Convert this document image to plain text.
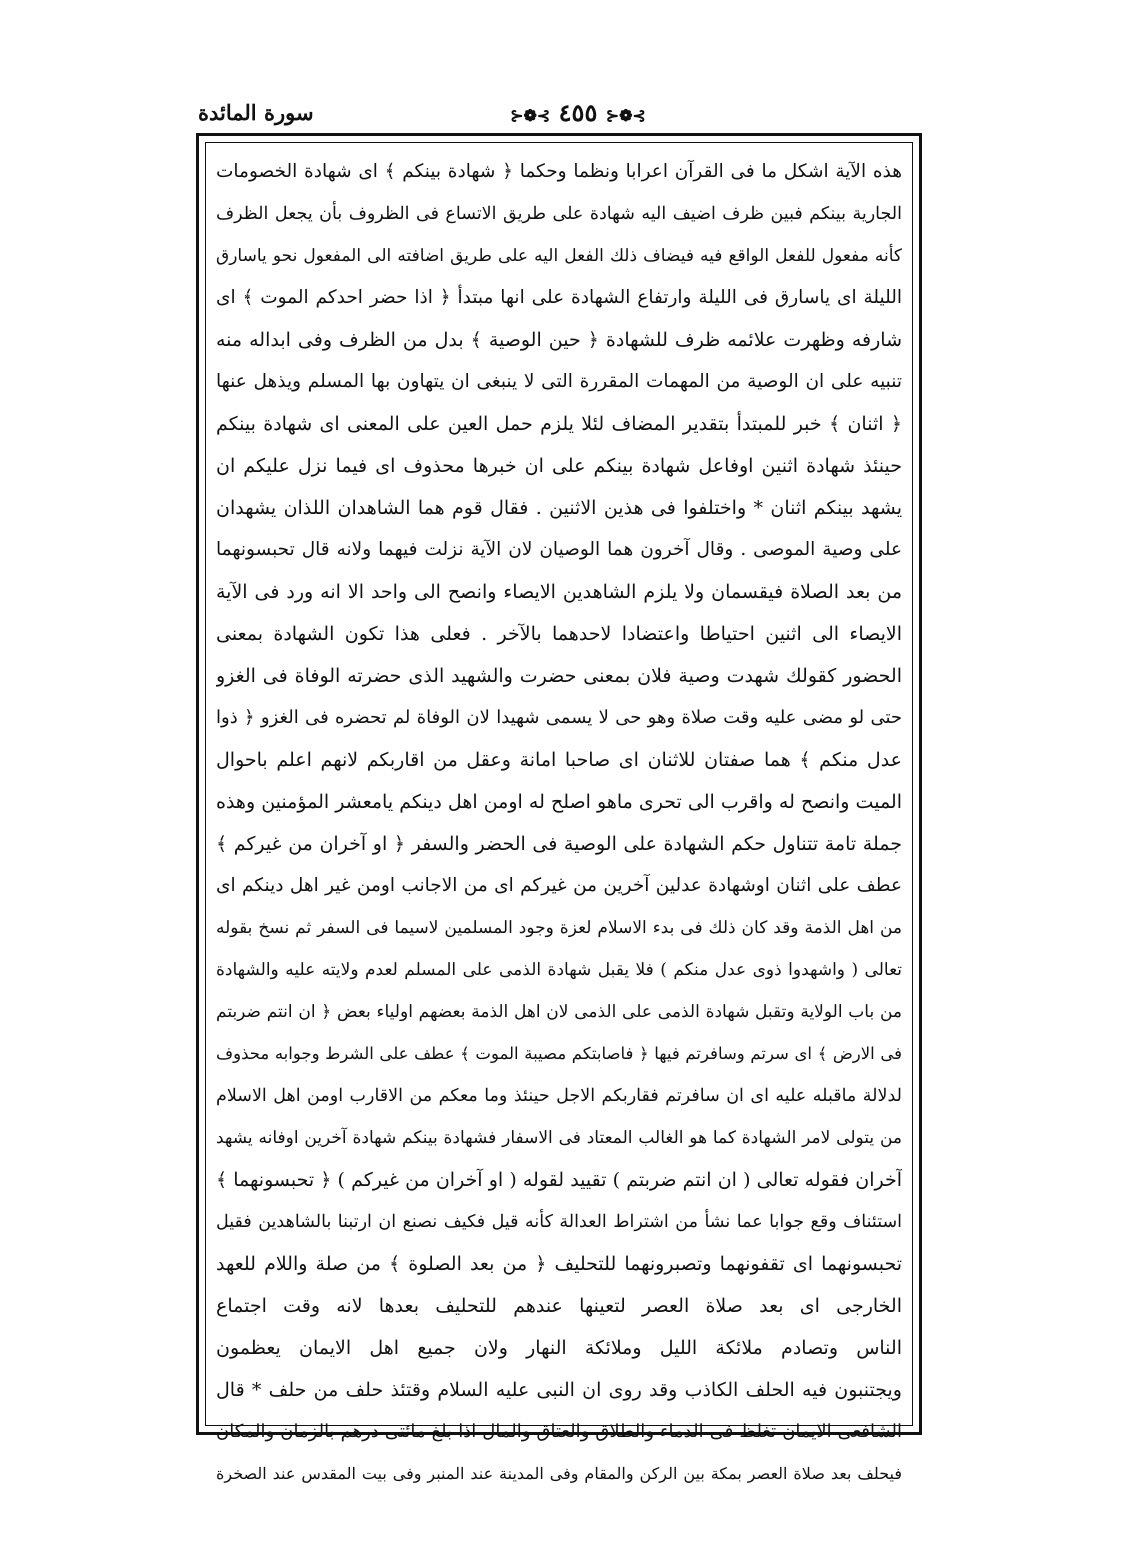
سورة المائدة	⊱❁⊰ ٤٥٥ ⊱❁⊰
هذه الآية اشكل ما فى القرآن اعرابا ونظما وحكما ﴿ شهادة بينكم ﴾ اى شهادة الخصومات
الجارية بينكم فبين ظرف اضيف اليه شهادة على طريق الاتساع فى الظروف بأن يجعل الظرف
كأنه مفعول للفعل الواقع فيه فيضاف ذلك الفعل اليه على طريق اضافته الى المفعول نحو ياسارق
الليلة اى ياسارق فى الليلة وارتفاع الشهادة على انها مبتدأ ﴿ اذا حضر احدكم الموت ﴾ اى
شارفه وظهرت علائمه ظرف للشهادة ﴿ حين الوصية ﴾ بدل من الظرف وفى ابداله منه
تنبيه على ان الوصية من المهمات المقررة التى لا ينبغى ان يتهاون بها المسلم ويذهل عنها
﴿ اثنان ﴾ خبر للمبتدأ بتقدير المضاف لئلا يلزم حمل العين على المعنى اى شهادة بينكم
حينئذ شهادة اثنين اوفاعل شهادة بينكم على ان خبرها محذوف اى فيما نزل عليكم ان
يشهد بينكم اثنان * واختلفوا فى هذين الاثنين . فقال قوم هما الشاهدان اللذان يشهدان
على وصية الموصى . وقال آخرون هما الوصيان لان الآية نزلت فيهما ولانه قال تحبسونهما
من بعد الصلاة فيقسمان ولا يلزم الشاهدين الايصاء وانصح الى واحد الا انه ورد فى الآية
الايصاء الى اثنين احتياطا واعتضادا لاحدهما بالآخر . فعلى هذا تكون الشهادة بمعنى
الحضور كقولك شهدت وصية فلان بمعنى حضرت والشهيد الذى حضرته الوفاة فى الغزو
حتى لو مضى عليه وقت صلاة وهو حى لا يسمى شهيدا لان الوفاة لم تحضره فى الغزو ﴿ ذوا
عدل منكم ﴾ هما صفتان للاثنان اى صاحبا امانة وعقل من اقاربكم لانهم اعلم باحوال
الميت وانصح له واقرب الى تحرى ماهو اصلح له اومن اهل دينكم يامعشر المؤمنين وهذه
جملة تامة تتناول حكم الشهادة على الوصية فى الحضر والسفر ﴿ او آخران من غيركم ﴾
عطف على اثنان اوشهادة عدلين آخرين من غيركم اى من الاجانب اومن غير اهل دينكم اى
من اهل الذمة وقد كان ذلك فى بدء الاسلام لعزة وجود المسلمين لاسيما فى السفر ثم نسخ بقوله
تعالى ( واشهدوا ذوى عدل منكم ) فلا يقبل شهادة الذمى على المسلم لعدم ولايته عليه والشهادة
من باب الولاية وتقبل شهادة الذمى على الذمى لان اهل الذمة بعضهم اولياء بعض ﴿ ان انتم ضربتم
فى الارض ﴾ اى سرتم وسافرتم فيها ﴿ فاصابتكم مصيبة الموت ﴾ عطف على الشرط وجوابه محذوف
لدلالة ماقبله عليه اى ان سافرتم فقاربكم الاجل حينئذ وما معكم من الاقارب اومن اهل الاسلام
من يتولى لامر الشهادة كما هو الغالب المعتاد فى الاسفار فشهادة بينكم شهادة آخرين اوفانه يشهد
آخران فقوله تعالى ( ان انتم ضربتم ) تقييد لقوله ( او آخران من غيركم ) ﴿ تحبسونهما ﴾
استئناف وقع جوابا عما نشأ من اشتراط العدالة كأنه قيل فكيف نصنع ان ارتبنا بالشاهدين فقيل
تحبسونهما اى تقفونهما وتصبرونهما للتحليف ﴿ من بعد الصلوة ﴾ من صلة واللام للعهد
الخارجى اى بعد صلاة العصر لتعينها عندهم للتحليف بعدها لانه وقت اجتماع
الناس وتصادم ملائكة الليل وملائكة النهار ولان جميع اهل الايمان يعظمون
ويجتنبون فيه الحلف الكاذب وقد روى ان النبى عليه السلام وقتئذ حلف من حلف * قال
الشافعى الايمان تغلظ فى الدماء والطلاق والعتاق والمال اذا بلغ مائتى درهم بالزمان والمكان
فيحلف بعد صلاة العصر بمكة بين الركن والمقام وفى المدينة عند المنبر وفى بيت المقدس عند الصخرة
